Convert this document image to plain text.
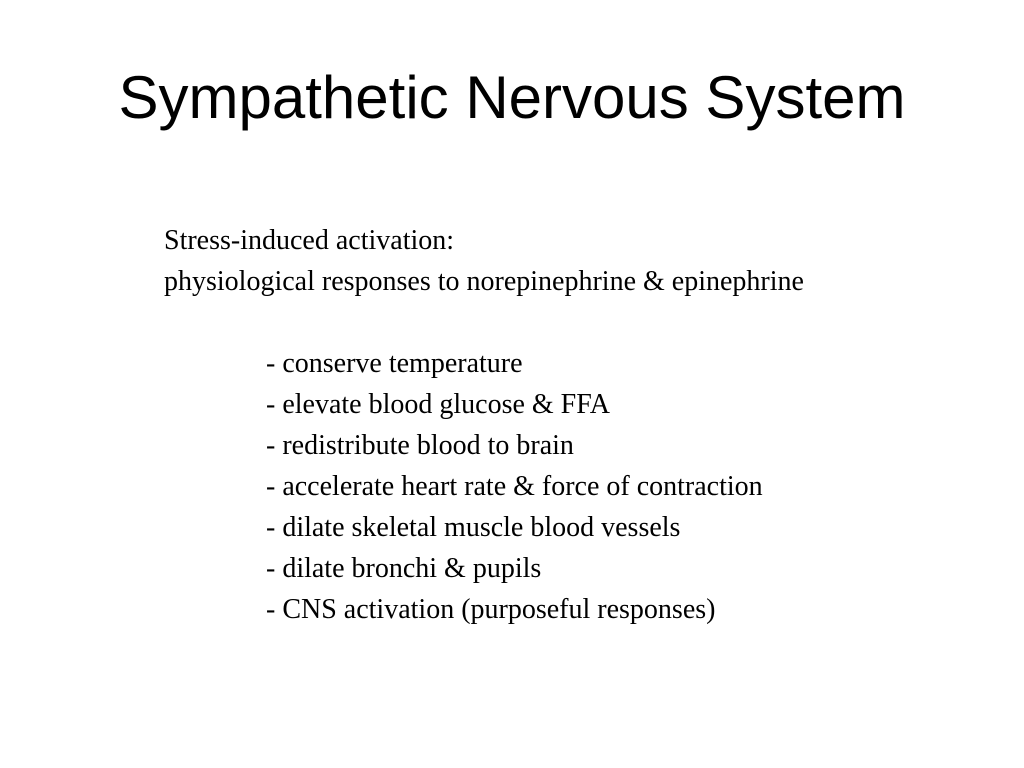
Sympathetic Nervous System
Stress-induced activation:
physiological responses to norepinephrine & epinephrine
- conserve temperature
- elevate blood glucose & FFA
- redistribute blood to brain
- accelerate heart rate & force of contraction
- dilate skeletal muscle blood vessels
- dilate bronchi & pupils
- CNS activation (purposeful responses)
